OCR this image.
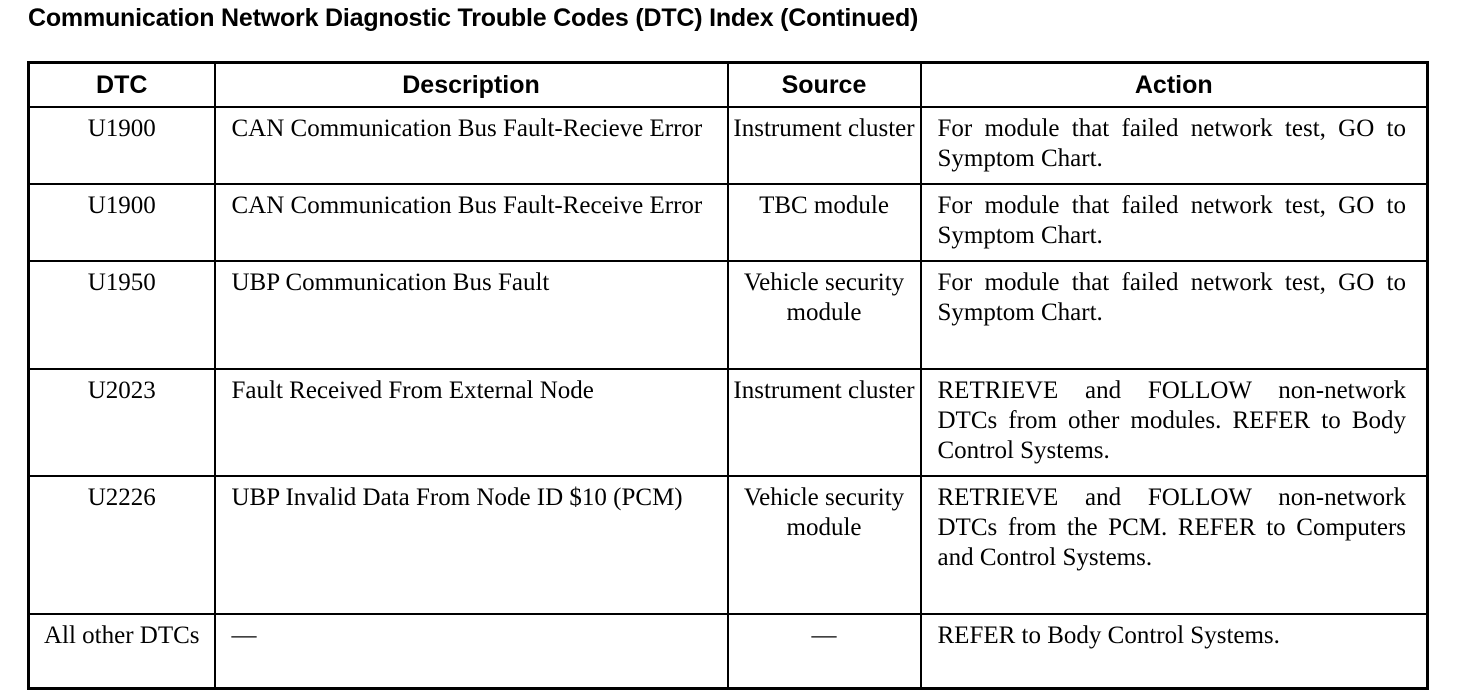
Communication Network Diagnostic Trouble Codes (DTC) Index (Continued)
DTC	Description	Source	Action
U1900	CAN Communication Bus Fault-Recieve Error	Instrument cluster	For module that failed network test, GO to Symptom Chart.
U1900	CAN Communication Bus Fault-Receive Error	TBC module	For module that failed network test, GO to Symptom Chart.
U1950	UBP Communication Bus Fault	Vehicle security module	For module that failed network test, GO to Symptom Chart.
U2023	Fault Received From External Node	Instrument cluster	RETRIEVE and FOLLOW non-network DTCs from other modules. REFER to Body Control Systems.
U2226	UBP Invalid Data From Node ID $10 (PCM)	Vehicle security module	RETRIEVE and FOLLOW non-network DTCs from the PCM. REFER to Computers and Control Systems.
All other DTCs	—	—	REFER to Body Control Systems.
